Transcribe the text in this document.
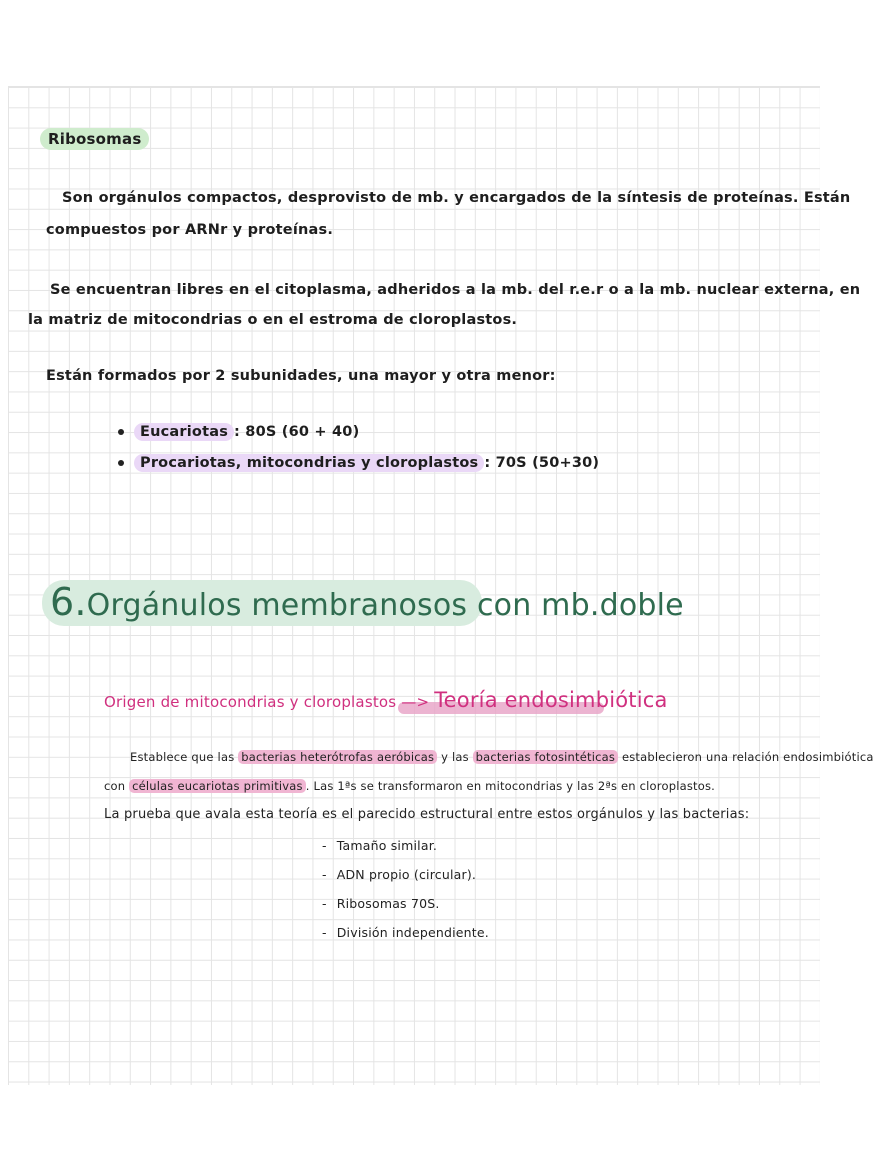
Ribosomas
Son orgánulos compactos, desprovisto de mb. y encargados de la síntesis de proteínas. Están
compuestos por ARNr y proteínas.
Se encuentran libres en el citoplasma, adheridos a la mb. del r.e.r o a la mb. nuclear externa, en
la matriz de mitocondrias o en el estroma de cloroplastos.
Están formados por 2 subunidades, una mayor y otra menor:
Eucariotas : 80S (60 + 40)
Procariotas, mitocondrias y cloroplastos : 70S (50+30)
6.Orgánulos membranosos con mb.doble
Origen de mitocondrias y cloroplastos —> Teoría endosimbiótica
Establece que las bacterias heterótrofas aeróbicas y las bacterias fotosintéticas establecieron una relación endosimbiótica
con células eucariotas primitivas . Las 1ªs se transformaron en mitocondrias y las 2ªs en cloroplastos.
La prueba que avala esta teoría es el parecido estructural entre estos orgánulos y las bacterias:
- Tamaño similar.
- ADN propio (circular).
- Ribosomas 70S.
- División independiente.
